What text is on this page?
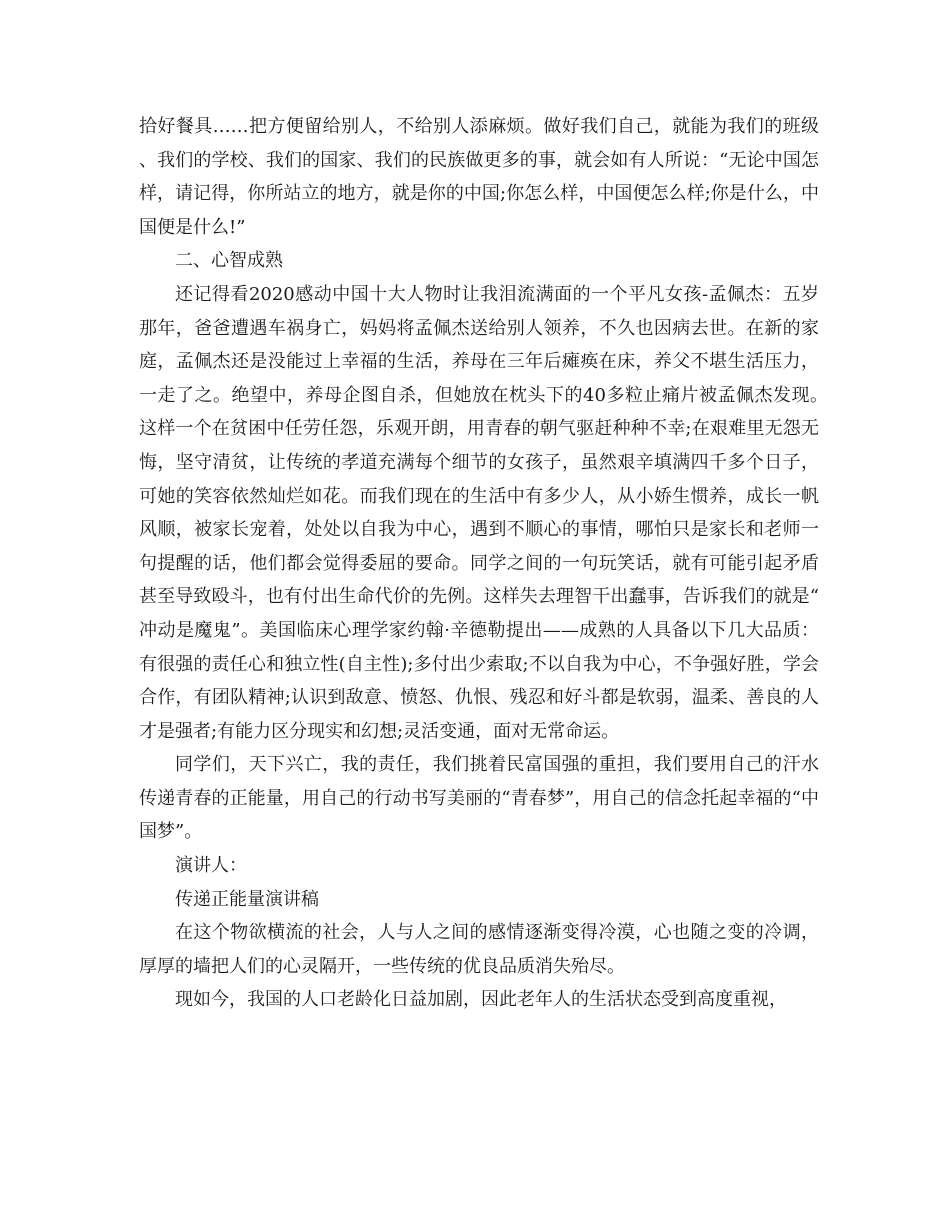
拾好餐具……把方便留给别人，不给别人添麻烦。做好我们自己，就能为我们的班级、我们的学校、我们的国家、我们的民族做更多的事，就会如有人所说：“无论中国怎样，请记得，你所站立的地方，就是你的中国;你怎么样，中国便怎么样;你是什么，中国便是什么!”

二、心智成熟

还记得看2020感动中国十大人物时让我泪流满面的一个平凡女孩-孟佩杰：五岁那年，爸爸遭遇车祸身亡，妈妈将孟佩杰送给别人领养，不久也因病去世。在新的家庭，孟佩杰还是没能过上幸福的生活，养母在三年后瘫痪在床，养父不堪生活压力，一走了之。绝望中，养母企图自杀，但她放在枕头下的40多粒止痛片被孟佩杰发现。　　这样一个在贫困中任劳任怨，乐观开朗，用青春的朝气驱赶种种不幸;在艰难里无怨无悔，坚守清贫，让传统的孝道充满每个细节的女孩子，虽然艰辛填满四千多个日子，可她的笑容依然灿烂如花。而我们现在的生活中有多少人，从小娇生惯养，成长一帆风顺，被家长宠着，处处以自我为中心，遇到不顺心的事情，哪怕只是家长和老师一句提醒的话，他们都会觉得委屈的要命。同学之间的一句玩笑话，就有可能引起矛盾甚至导致殴斗，也有付出生命代价的先例。这样失去理智干出蠢事，告诉我们的就是“冲动是魔鬼”。美国临床心理学家约翰·辛德勒提出——成熟的人具备以下几大品质：有很强的责任心和独立性(自主性);多付出少索取;不以自我为中心，不争强好胜，学会合作，有团队精神;认识到敌意、愤怒、仇恨、残忍和好斗都是软弱，温柔、善良的人才是强者;有能力区分现实和幻想;灵活变通，面对无常命运。

同学们，天下兴亡，我的责任，我们挑着民富国强的重担，我们要用自己的汗水传递青春的正能量，用自己的行动书写美丽的“青春梦”，用自己的信念托起幸福的“中国梦”。

演讲人：

传递正能量演讲稿

在这个物欲横流的社会，人与人之间的感情逐渐变得冷漠，心也随之变的冷调，厚厚的墙把人们的心灵隔开，一些传统的优良品质消失殆尽。

现如今，我国的人口老龄化日益加剧，因此老年人的生活状态受到高度重视，
